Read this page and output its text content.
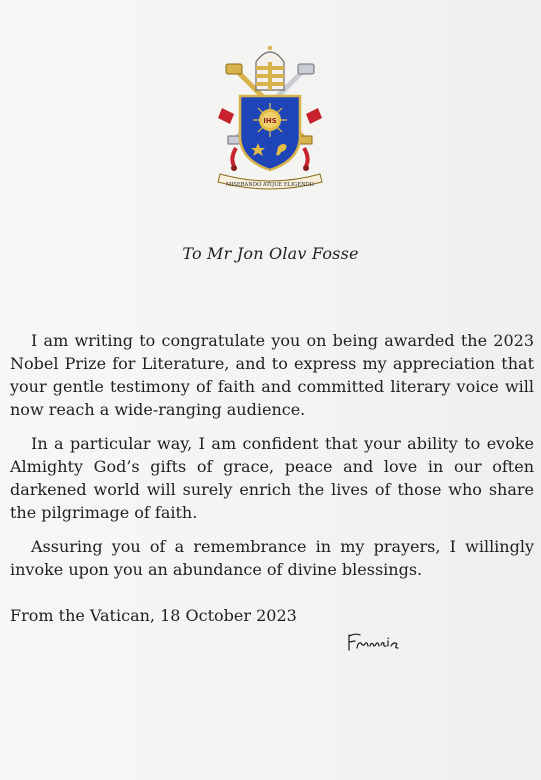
IHS
MISERANDO ATQUE ELIGENDO
To Mr Jon Olav Fosse

I am writing to congratulate you on being awarded the 2023 Nobel Prize for Literature, and to express my appreciation that your gentle testimony of faith and committed literary voice will now reach a wide-ranging audience.

In a particular way, I am confident that your ability to evoke Almighty God’s gifts of grace, peace and love in our often darkened world will surely enrich the lives of those who share the pilgrimage of faith.

Assuring you of a remembrance in my prayers, I willingly invoke upon you an abundance of divine blessings.

From the Vatican, 18 October 2023
